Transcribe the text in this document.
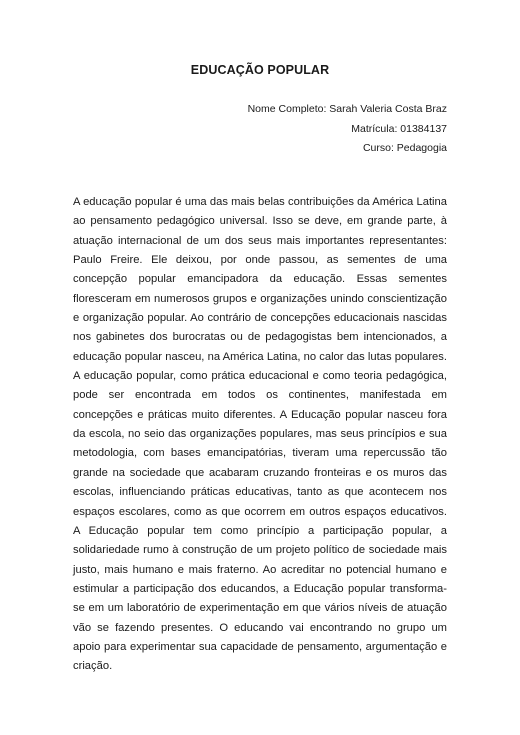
EDUCAÇÃO POPULAR
Nome Completo: Sarah Valeria Costa Braz
Matrícula: 01384137
Curso: Pedagogia

A educação popular é uma das mais belas contribuições da América Latina ao pensamento pedagógico universal. Isso se deve, em grande parte, à atuação internacional de um dos seus mais importantes representantes: Paulo Freire. Ele deixou, por onde passou, as sementes de uma concepção popular emancipadora da educação. Essas sementes floresceram em numerosos grupos e organizações unindo conscientização e organização popular. Ao contrário de concepções educacionais nascidas nos gabinetes dos burocratas ou de pedagogistas bem intencionados, a educação popular nasceu, na América Latina, no calor das lutas populares. A educação popular, como prática educacional e como teoria pedagógica, pode ser encontrada em todos os continentes, manifestada em concepções e práticas muito diferentes. A Educação popular nasceu fora da escola, no seio das organizações populares, mas seus princípios e sua metodologia, com bases emancipatórias, tiveram uma repercussão tão grande na sociedade que acabaram cruzando fronteiras e os muros das escolas, influenciando práticas educativas, tanto as que acontecem nos espaços escolares, como as que ocorrem em outros espaços educativos. A Educação popular tem como princípio a participação popular, a solidariedade rumo à construção de um projeto político de sociedade mais justo, mais humano e mais fraterno. Ao acreditar no potencial humano e estimular a participação dos educandos, a Educação popular transforma-se em um laboratório de experimentação em que vários níveis de atuação vão se fazendo presentes. O educando vai encontrando no grupo um apoio para experimentar sua capacidade de pensamento, argumentação e criação.
